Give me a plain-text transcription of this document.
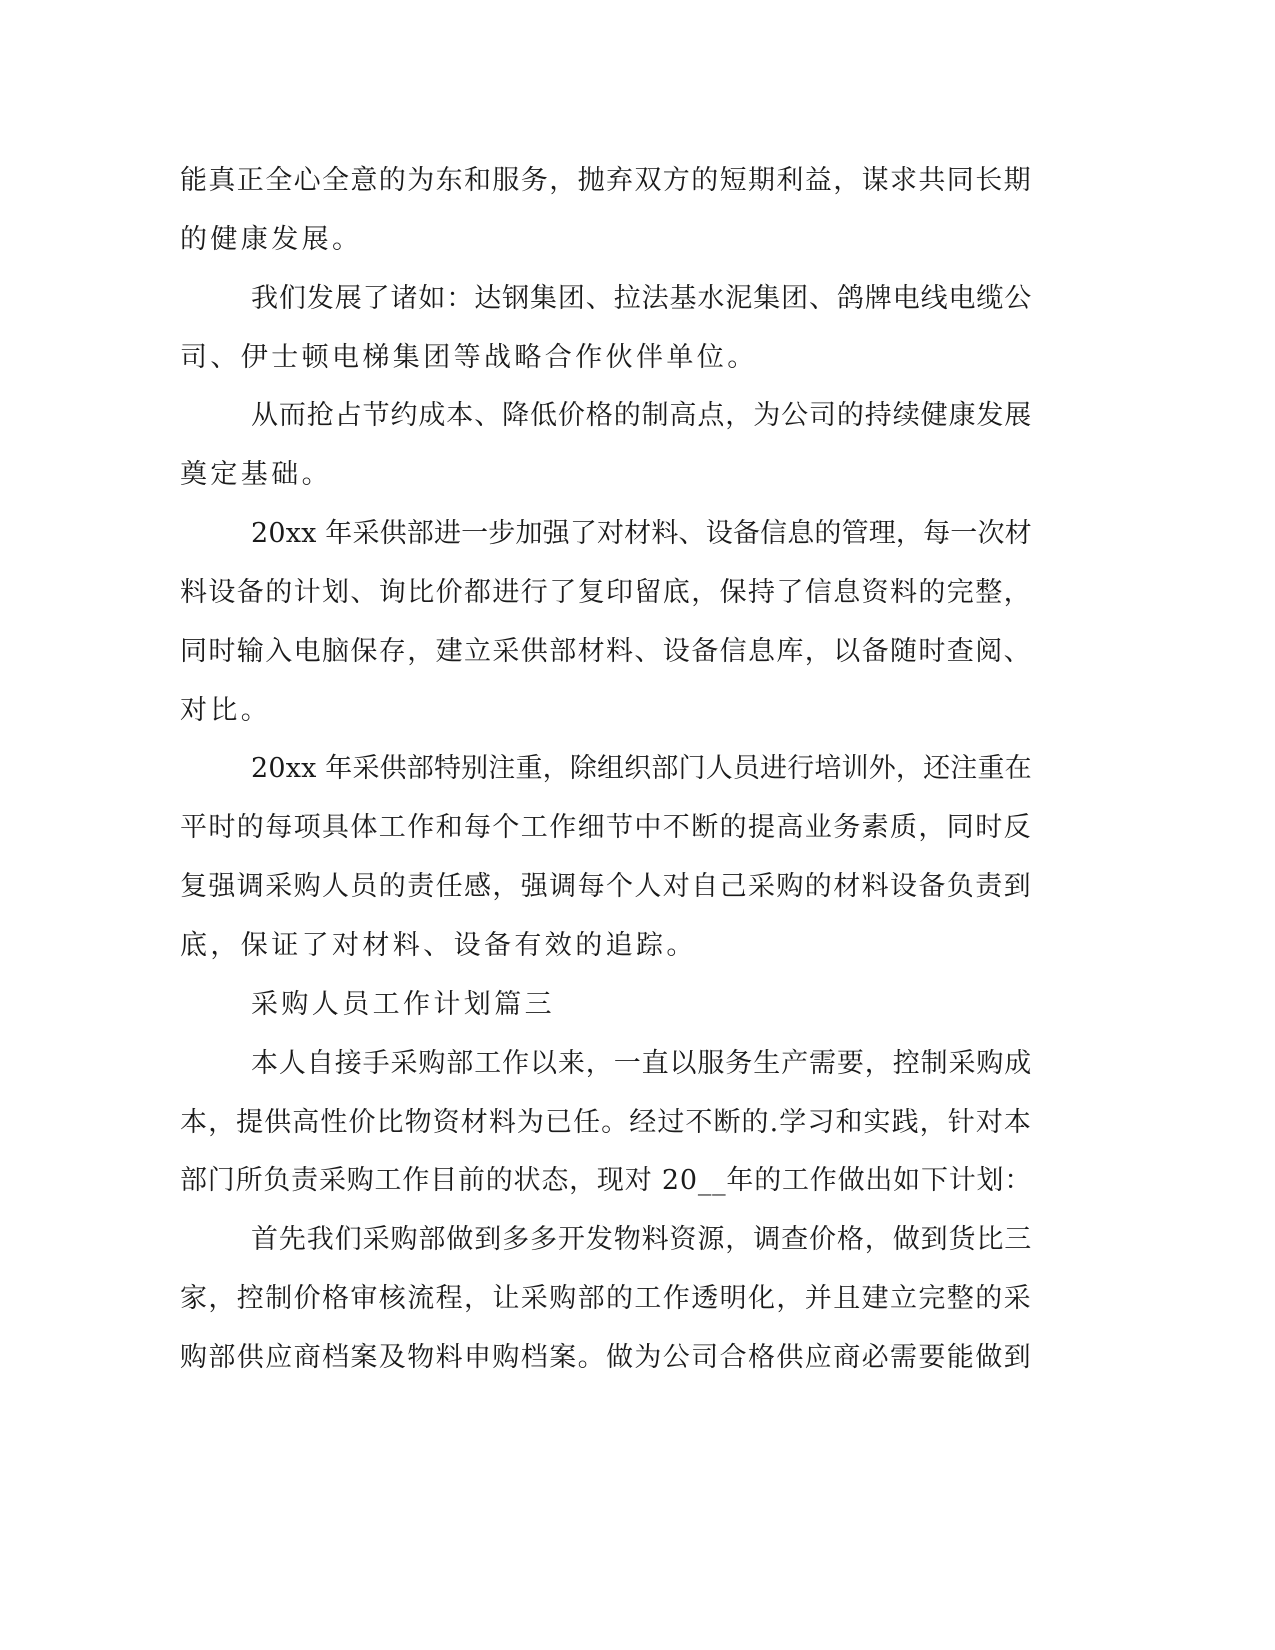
能真正全心全意的为东和服务，抛弃双方的短期利益，谋求共同长期
的健康发展。
我们发展了诸如：达钢集团、拉法基水泥集团、鸽牌电线电缆公
司、伊士顿电梯集团等战略合作伙伴单位。
从而抢占节约成本、降低价格的制高点，为公司的持续健康发展
奠定基础。
20xx 年采供部进一步加强了对材料、设备信息的管理，每一次材
料设备的计划、询比价都进行了复印留底，保持了信息资料的完整，
同时输入电脑保存，建立采供部材料、设备信息库，以备随时查阅、
对比。
20xx 年采供部特别注重，除组织部门人员进行培训外，还注重在
平时的每项具体工作和每个工作细节中不断的提高业务素质，同时反
复强调采购人员的责任感，强调每个人对自己采购的材料设备负责到
底，保证了对材料、设备有效的追踪。
采购人员工作计划篇三
本人自接手采购部工作以来，一直以服务生产需要，控制采购成
本，提供高性价比物资材料为已任。经过不断的.学习和实践，针对本
部门所负责采购工作目前的状态，现对 20__年的工作做出如下计划：
首先我们采购部做到多多开发物料资源，调查价格，做到货比三
家，控制价格审核流程，让采购部的工作透明化，并且建立完整的采
购部供应商档案及物料申购档案。做为公司合格供应商必需要能做到
